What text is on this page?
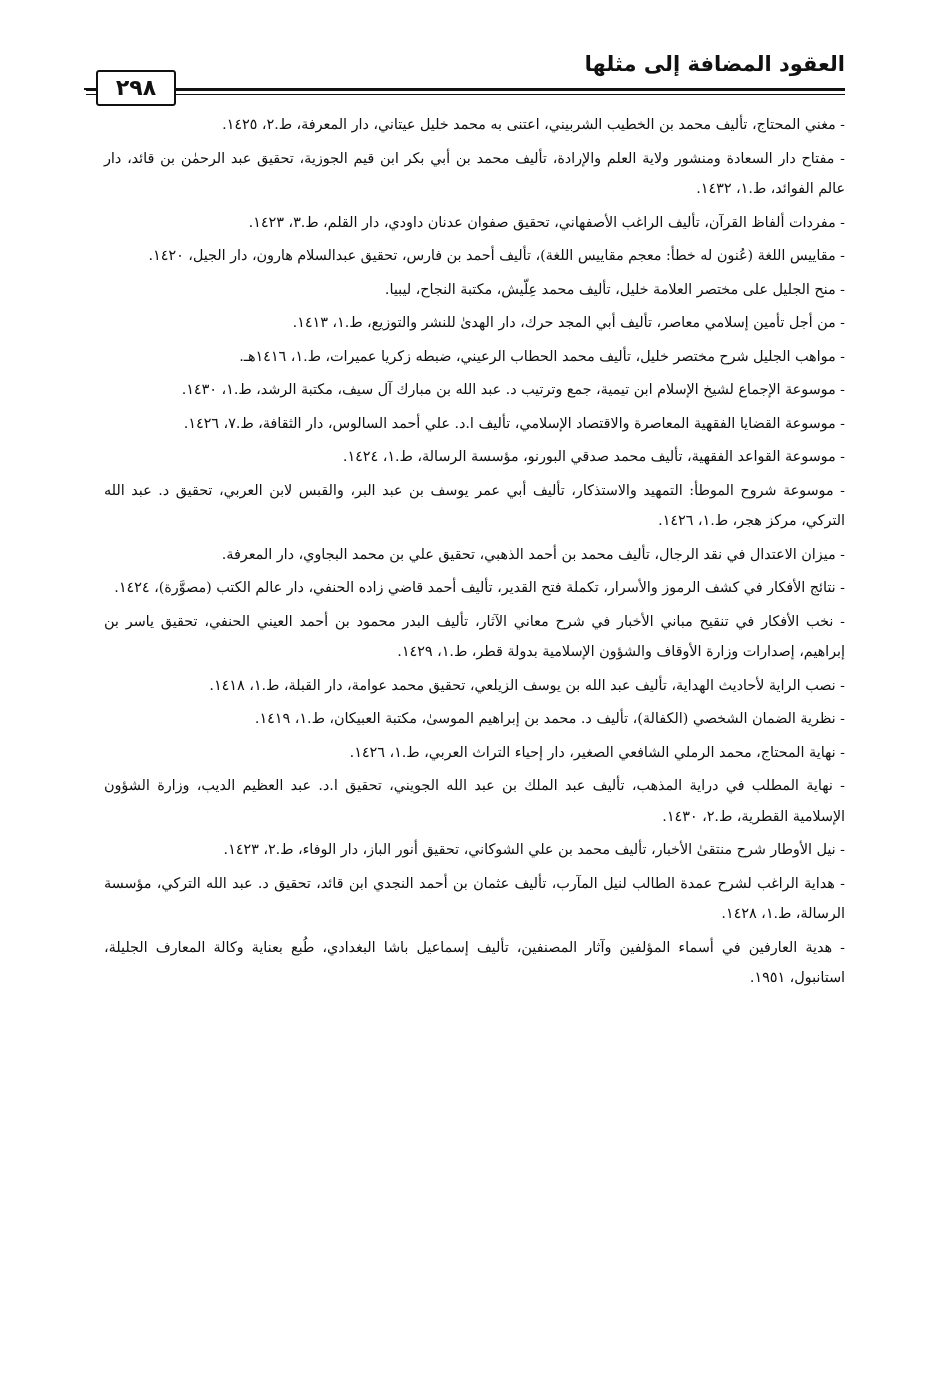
العقود المضافة إلى مثلها
٢٩٨

- مغني المحتاج، تأليف محمد بن الخطيب الشربيني، اعتنى به محمد خليل عيتاني، دار المعرفة، ط.٢، ١٤٢٥.

- مفتاح دار السعادة ومنشور ولاية العلم والإرادة، تأليف محمد بن أبي بكر ابن قيم الجوزية، تحقيق عبد الرحمٰن بن قائد، دار عالم الفوائد، ط.١، ١٤٣٢.

- مفردات ألفاظ القرآن، تأليف الراغب الأصفهاني، تحقيق صفوان عدنان داودي، دار القلم، ط.٣، ١٤٢٣.

- مقاييس اللغة (عُنون له خطأ: معجم مقاييس اللغة)، تأليف أحمد بن فارس، تحقيق عبدالسلام هارون، دار الجيل، ١٤٢٠.

- منح الجليل على مختصر العلامة خليل، تأليف محمد عِلّيش، مكتبة النجاح، ليبيا.

- من أجل تأمين إسلامي معاصر، تأليف أبي المجد حرك، دار الهدىٰ للنشر والتوزيع، ط.١، ١٤١٣.

- مواهب الجليل شرح مختصر خليل، تأليف محمد الحطاب الرعيني، ضبطه زكريا عميرات، ط.١، ١٤١٦هـ.

- موسوعة الإجماع لشيخ الإسلام ابن تيمية، جمع وترتيب د. عبد الله بن مبارك آل سيف، مكتبة الرشد، ط.١، ١٤٣٠.

- موسوعة القضايا الفقهية المعاصرة والاقتصاد الإسلامي، تأليف ا.د. علي أحمد السالوس، دار الثقافة، ط.٧، ١٤٢٦.

- موسوعة القواعد الفقهية، تأليف محمد صدقي البورنو، مؤسسة الرسالة، ط.١، ١٤٢٤.

- موسوعة شروح الموطأ: التمهيد والاستذكار، تأليف أبي عمر يوسف بن عبد البر، والقبس لابن العربي، تحقيق د. عبد الله التركي، مركز هجر، ط.١، ١٤٢٦.

- ميزان الاعتدال في نقد الرجال، تأليف محمد بن أحمد الذهبي، تحقيق علي بن محمد البجاوي، دار المعرفة.

- نتائج الأفكار في كشف الرموز والأسرار، تكملة فتح القدير، تأليف أحمد قاضي زاده الحنفي، دار عالم الكتب (مصوَّرة)، ١٤٢٤.

- نخب الأفكار في تنقيح مباني الأخبار في شرح معاني الآثار، تأليف البدر محمود بن أحمد العيني الحنفي، تحقيق ياسر بن إبراهيم، إصدارات وزارة الأوقاف والشؤون الإسلامية بدولة قطر، ط.١، ١٤٢٩.

- نصب الراية لأحاديث الهداية، تأليف عبد الله بن يوسف الزيلعي، تحقيق محمد عوامة، دار القبلة، ط.١، ١٤١٨.

- نظرية الضمان الشخصي (الكفالة)، تأليف د. محمد بن إبراهيم الموسىٰ، مكتبة العبيكان، ط.١، ١٤١٩.

- نهاية المحتاج، محمد الرملي الشافعي الصغير، دار إحياء التراث العربي، ط.١، ١٤٢٦.

- نهاية المطلب في دراية المذهب، تأليف عبد الملك بن عبد الله الجويني، تحقيق ا.د. عبد العظيم الديب، وزارة الشؤون الإسلامية القطرية، ط.٢، ١٤٣٠.

- نيل الأوطار شرح منتقىٰ الأخبار، تأليف محمد بن علي الشوكاني، تحقيق أنور الباز، دار الوفاء، ط.٢، ١٤٢٣.

- هداية الراغب لشرح عمدة الطالب لنيل المآرب، تأليف عثمان بن أحمد النجدي ابن قائد، تحقيق د. عبد الله التركي، مؤسسة الرسالة، ط.١، ١٤٢٨.

- هدية العارفين في أسماء المؤلفين وآثار المصنفين، تأليف إسماعيل باشا البغدادي، طُبع بعناية وكالة المعارف الجليلة، استانبول، ١٩٥١.
